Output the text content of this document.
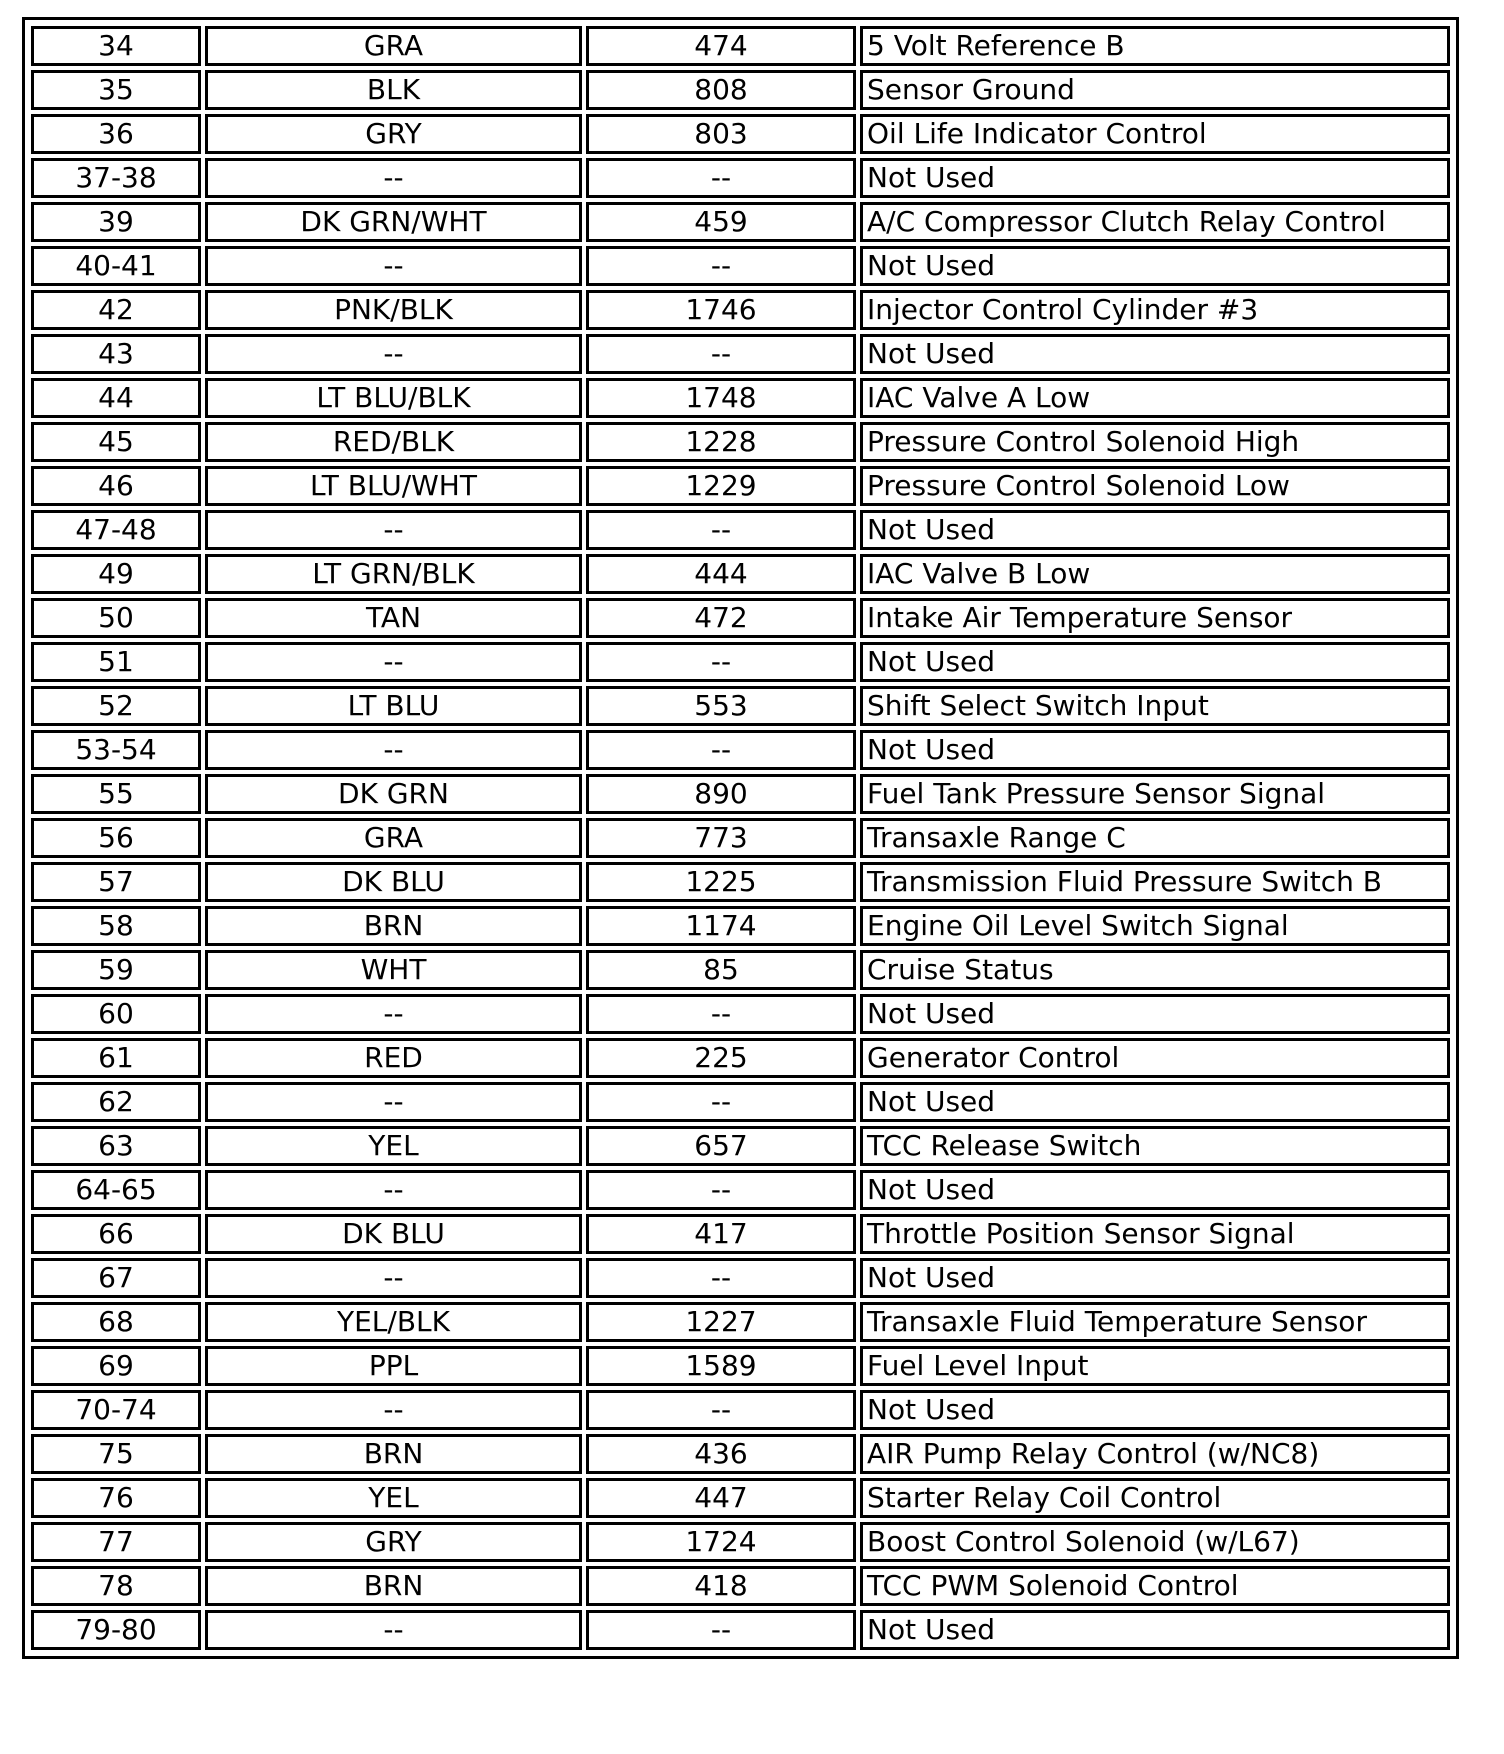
34	GRA	474	5 Volt Reference B
35	BLK	808	Sensor Ground
36	GRY	803	Oil Life Indicator Control
37-38	--	--	Not Used
39	DK GRN/WHT	459	A/C Compressor Clutch Relay Control
40-41	--	--	Not Used
42	PNK/BLK	1746	Injector Control Cylinder #3
43	--	--	Not Used
44	LT BLU/BLK	1748	IAC Valve A Low
45	RED/BLK	1228	Pressure Control Solenoid High
46	LT BLU/WHT	1229	Pressure Control Solenoid Low
47-48	--	--	Not Used
49	LT GRN/BLK	444	IAC Valve B Low
50	TAN	472	Intake Air Temperature Sensor
51	--	--	Not Used
52	LT BLU	553	Shift Select Switch Input
53-54	--	--	Not Used
55	DK GRN	890	Fuel Tank Pressure Sensor Signal
56	GRA	773	Transaxle Range C
57	DK BLU	1225	Transmission Fluid Pressure Switch B
58	BRN	1174	Engine Oil Level Switch Signal
59	WHT	85	Cruise Status
60	--	--	Not Used
61	RED	225	Generator Control
62	--	--	Not Used
63	YEL	657	TCC Release Switch
64-65	--	--	Not Used
66	DK BLU	417	Throttle Position Sensor Signal
67	--	--	Not Used
68	YEL/BLK	1227	Transaxle Fluid Temperature Sensor
69	PPL	1589	Fuel Level Input
70-74	--	--	Not Used
75	BRN	436	AIR Pump Relay Control (w/NC8)
76	YEL	447	Starter Relay Coil Control
77	GRY	1724	Boost Control Solenoid (w/L67)
78	BRN	418	TCC PWM Solenoid Control
79-80	--	--	Not Used
